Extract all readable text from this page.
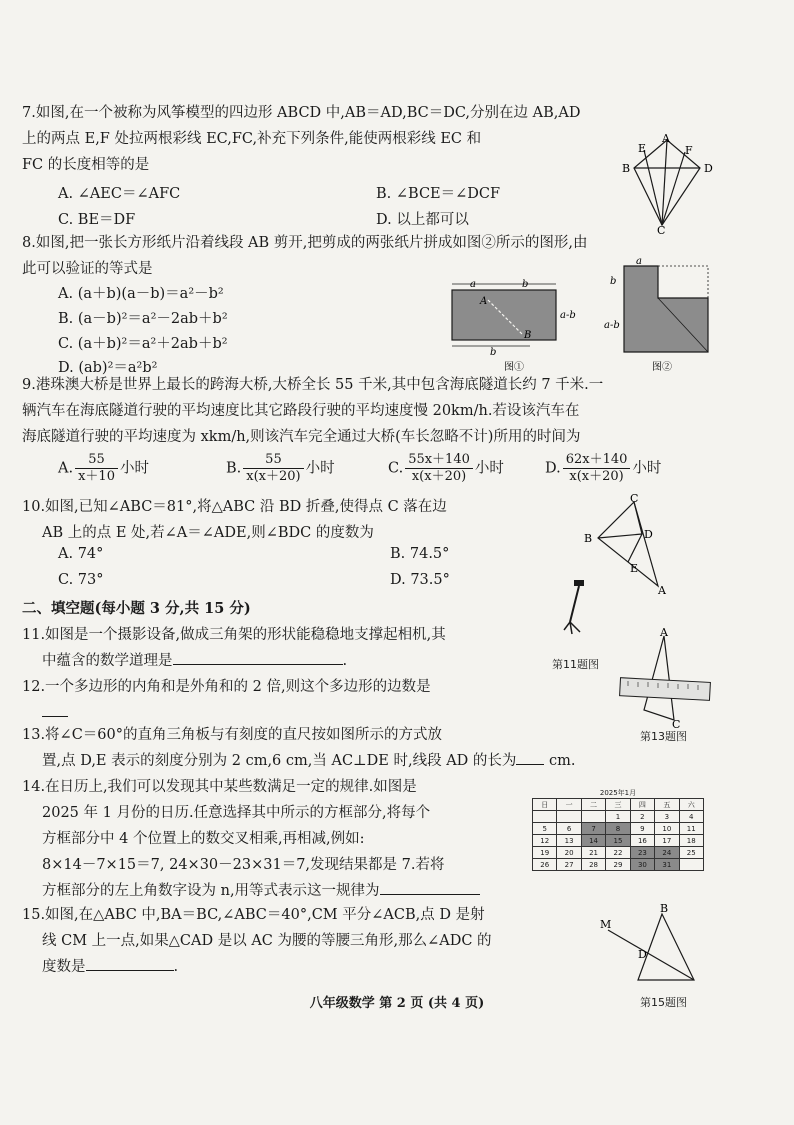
7.如图,在一个被称为风筝模型的四边形 ABCD 中,AB＝AD,BC＝DC,分别在边 AB,AD
上的两点 E,F 处拉两根彩线 EC,FC,补充下列条件,能使两根彩线 EC 和
FC 的长度相等的是
A. ∠AEC＝∠AFC	B. ∠BCE＝∠DCF
C. BE＝DF	D. 以上都可以
A
B
C
D
E	F
8.如图,把一张长方形纸片沿着线段 AB 剪开,把剪成的两张纸片拼成如图②所示的图形,由
此可以验证的等式是
A. (a＋b)(a－b)＝a²－b²
B. (a－b)²＝a²－2ab＋b²
C. (a＋b)²＝a²＋2ab＋b²
D. (ab)²＝a²b²
a	b
b
a-b
A
B
图①
b
a-b
a
图②
9.港珠澳大桥是世界上最长的跨海大桥,大桥全长 55 千米,其中包含海底隧道长约 7 千米.一
辆汽车在海底隧道行驶的平均速度比其它路段行驶的平均速度慢 20km/h.若设该汽车在
海底隧道行驶的平均速度为 xkm/h,则该汽车完全通过大桥(车长忽略不计)所用的时间为
A. $\frac{55}{x+10}$ 小时	B. $\frac{55}{x(x+20)}$ 小时	C. $\frac{55x+140}{x(x+20)}$ 小时	D. $\frac{62x+140}{x(x+20)}$ 小时
10.如图,已知∠ABC＝81°,将△ABC 沿 BD 折叠,使得点 C 落在边
AB 上的点 E 处,若∠A＝∠ADE,则∠BDC 的度数为
A. 74°	B. 74.5°
C. 73°	D. 73.5°
C
B	D
E
A
二、填空题(每小题 3 分,共 15 分)
11.如图是一个摄影设备,做成三角架的形状能稳稳地支撑起相机,其
中蕴含的数学道理是	.	第11题图
12.一个多边形的内角和是外角和的 2 倍,则这个多边形的边数是
13.将∠C＝60°的直角三角板与有刻度的直尺按如图所示的方式放
置,点 D,E 表示的刻度分别为 2 cm,6 cm,当 AC⊥DE 时,线段 AD 的长为 cm.
A
C
第13题图
14.在日历上,我们可以发现其中某些数满足一定的规律.如图是
2025 年 1 月份的日历.任意选择其中所示的方框部分,将每个
方框部分中 4 个位置上的数交叉相乘,再相减,例如:
8×14－7×15＝7, 24×30－23×31＝7,发现结果都是 7.若将
方框部分的左上角数字设为 n,用等式表示这一规律为
2025年1月
日	一	二	三	四	五	六
			1	2	3	4
5	6	7	8	9	10	11
12	13	14	15	16	17	18
19	20	21	22	23	24	25
26	27	28	29	30	31	
15.如图,在△ABC 中,BA＝BC,∠ABC＝40°,CM 平分∠ACB,点 D 是射
线 CM 上一点,如果△CAD 是以 AC 为腰的等腰三角形,那么∠ADC 的
度数是	.
B
M
D
第15题图
八年级数学 第 2 页 (共 4 页)
